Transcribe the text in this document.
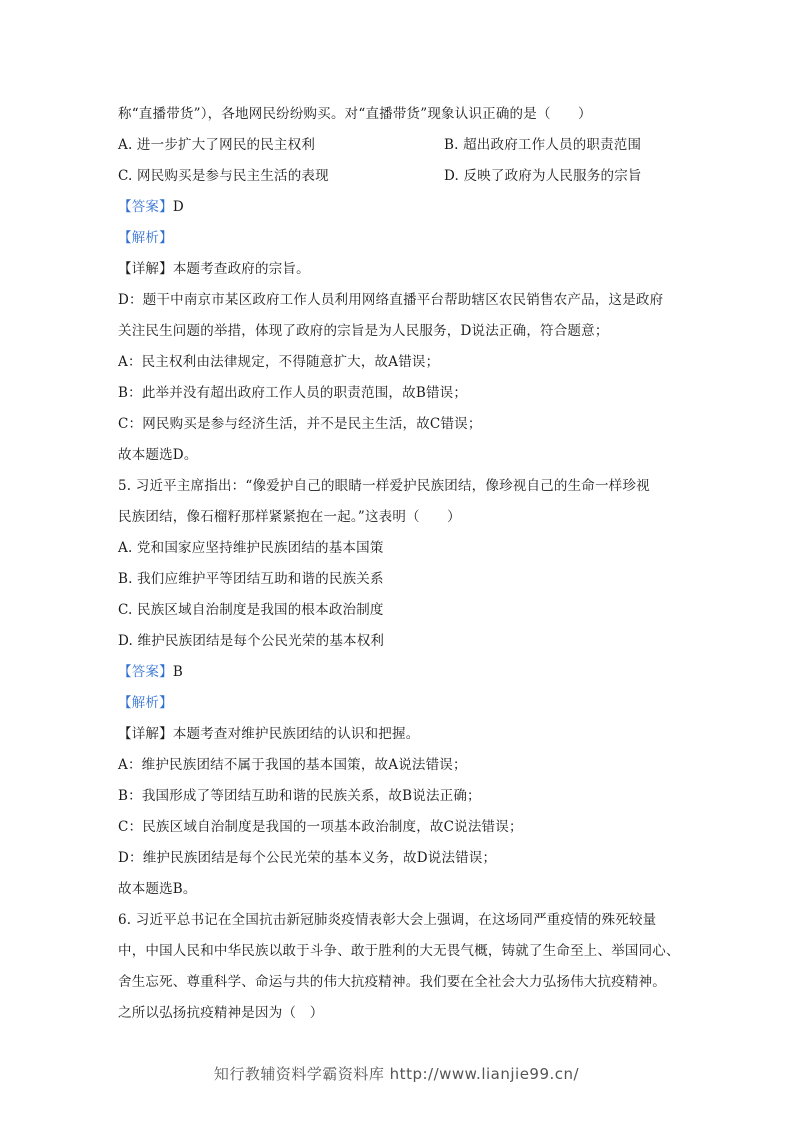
称“直播带货”），各地网民纷纷购买。对“直播带货”现象认识正确的是（　　）
A. 进一步扩大了网民的民主权利	B. 超出政府工作人员的职责范围
C. 网民购买是参与民主生活的表现	D. 反映了政府为人民服务的宗旨
【答案】D
【解析】
【详解】本题考查政府的宗旨。
D：题干中南京市某区政府工作人员利用网络直播平台帮助辖区农民销售农产品，这是政府
关注民生问题的举措，体现了政府的宗旨是为人民服务，D说法正确，符合题意；
A：民主权利由法律规定，不得随意扩大，故A错误；
B：此举并没有超出政府工作人员的职责范围，故B错误；
C：网民购买是参与经济生活，并不是民主生活，故C错误；
故本题选D。
5. 习近平主席指出：“像爱护自己的眼睛一样爱护民族团结，像珍视自己的生命一样珍视
民族团结，像石榴籽那样紧紧抱在一起。”这表明（　　）
A. 党和国家应坚持维护民族团结的基本国策
B. 我们应维护平等团结互助和谐的民族关系
C. 民族区域自治制度是我国的根本政治制度
D. 维护民族团结是每个公民光荣的基本权利
【答案】B
【解析】
【详解】本题考查对维护民族团结的认识和把握。
A：维护民族团结不属于我国的基本国策，故A说法错误；
B：我国形成了等团结互助和谐的民族关系，故B说法正确；
C：民族区域自治制度是我国的一项基本政治制度，故C说法错误；
D：维护民族团结是每个公民光荣的基本义务，故D说法错误；
故本题选B。
6. 习近平总书记在全国抗击新冠肺炎疫情表彰大会上强调，在这场同严重疫情的殊死较量
中，中国人民和中华民族以敢于斗争、敢于胜利的大无畏气概，铸就了生命至上、举国同心、
舍生忘死、尊重科学、命运与共的伟大抗疫精神。我们要在全社会大力弘扬伟大抗疫精神。
之所以弘扬抗疫精神是因为（　）
知行教辅资料学霸资料库 http://www.lianjie99.cn/
